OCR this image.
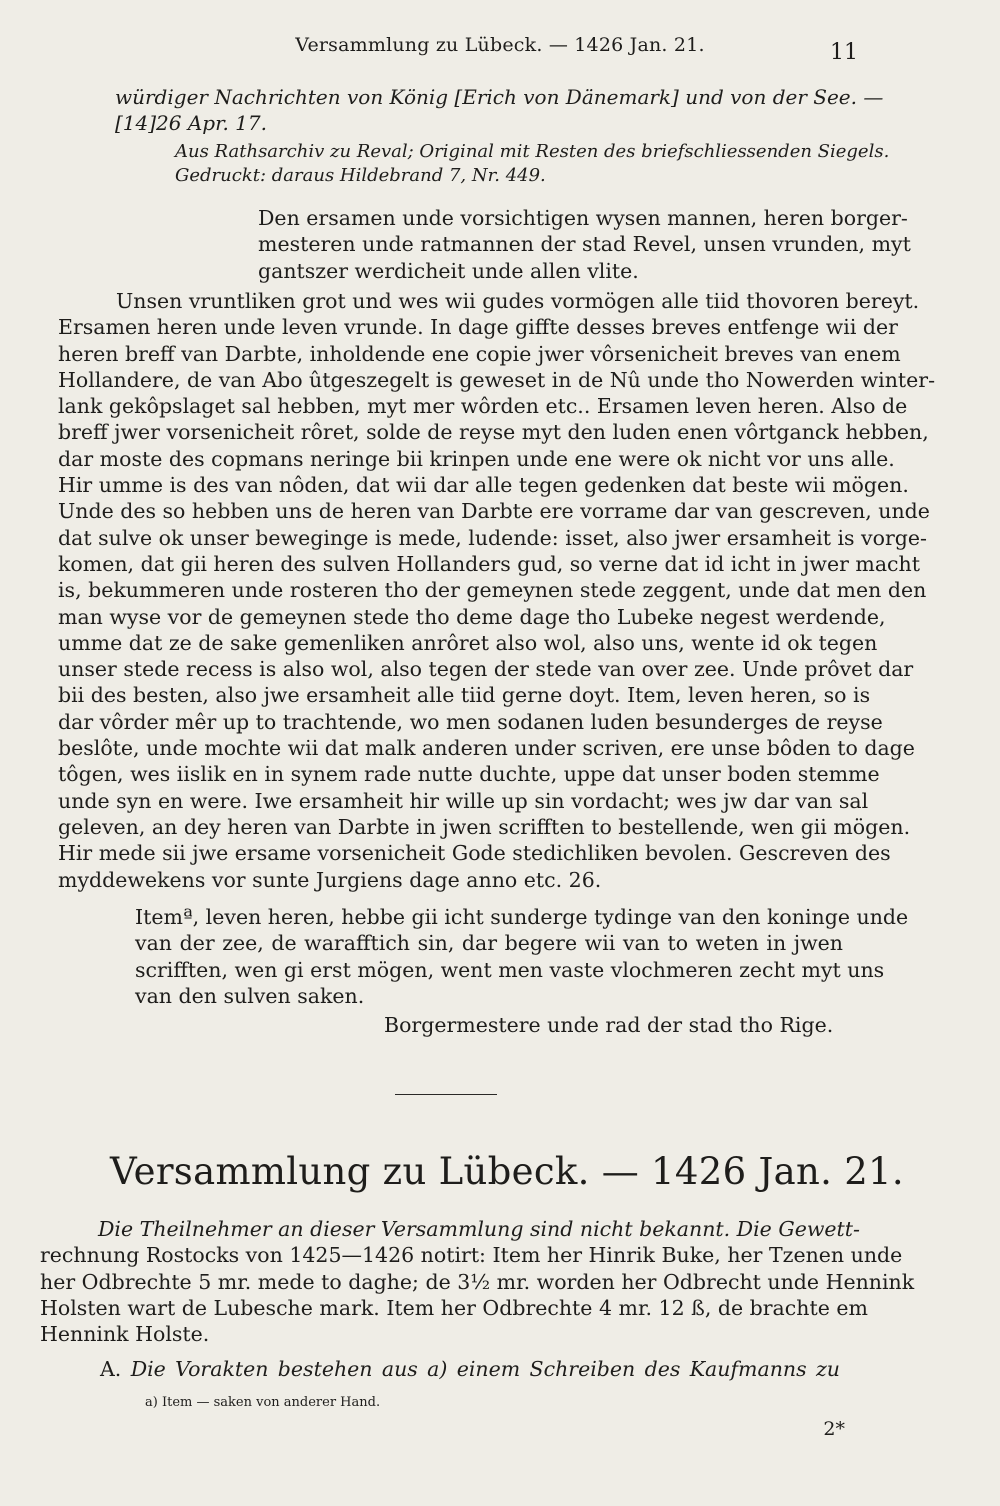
Versammlung zu Lübeck. — 1426 Jan. 21.	11
würdiger Nachrichten von König [Erich von Dänemark] und von der See. —
[14]26 Apr. 17.
Aus Rathsarchiv zu Reval; Original mit Resten des briefschliessenden Siegels.
Gedruckt: daraus Hildebrand 7, Nr. 449.
Den ersamen unde vorsichtigen wysen mannen, heren borger-
mesteren unde ratmannen der stad Revel, unsen vrunden, myt
gantszer werdicheit unde allen vlite.
Unsen vruntliken grot und wes wii gudes vormögen alle tiid thovoren bereyt.
Ersamen heren unde leven vrunde. In dage giffte desses breves entfenge wii der
heren breff van Darbte, inholdende ene copie jwer vôrsenicheit breves van enem
Hollandere, de van Abo ûtgeszegelt is geweset in de Nû unde tho Nowerden winter-
lank gekôpslaget sal hebben, myt mer wôrden etc.. Ersamen leven heren. Also de
breff jwer vorsenicheit rôret, solde de reyse myt den luden enen vôrtganck hebben,
dar moste des copmans neringe bii krinpen unde ene were ok nicht vor uns alle.
Hir umme is des van nôden, dat wii dar alle tegen gedenken dat beste wii mögen.
Unde des so hebben uns de heren van Darbte ere vorrame dar van gescreven, unde
dat sulve ok unser beweginge is mede, ludende: isset, also jwer ersamheit is vorge-
komen, dat gii heren des sulven Hollanders gud, so verne dat id icht in jwer macht
is, bekummeren unde rosteren tho der gemeynen stede zeggent, unde dat men den
man wyse vor de gemeynen stede tho deme dage tho Lubeke negest werdende,
umme dat ze de sake gemenliken anrôret also wol, also uns, wente id ok tegen
unser stede recess is also wol, also tegen der stede van over zee. Unde prôvet dar
bii des besten, also jwe ersamheit alle tiid gerne doyt. Item, leven heren, so is
dar vôrder mêr up to trachtende, wo men sodanen luden besunderges de reyse
beslôte, unde mochte wii dat malk anderen under scriven, ere unse bôden to dage
tôgen, wes iislik en in synem rade nutte duchte, uppe dat unser boden stemme
unde syn en were. Iwe ersamheit hir wille up sin vordacht; wes jw dar van sal
geleven, an dey heren van Darbte in jwen scrifften to bestellende, wen gii mögen.
Hir mede sii jwe ersame vorsenicheit Gode stedichliken bevolen. Gescreven des
myddewekens vor sunte Jurgiens dage anno etc. 26.
Itemª, leven heren, hebbe gii icht sunderge tydinge van den koninge unde
van der zee, de warafftich sin, dar begere wii van to weten in jwen
scrifften, wen gi erst mögen, went men vaste vlochmeren zecht myt uns
van den sulven saken.
Borgermestere unde rad der stad tho Rige.
Versammlung zu Lübeck. — 1426 Jan. 21.
Die Theilnehmer an dieser Versammlung sind nicht bekannt. Die Gewett-
rechnung Rostocks von 1425—1426 notirt: Item her Hinrik Buke, her Tzenen unde
her Odbrechte 5 mr. mede to daghe; de 3½ mr. worden her Odbrecht unde Hennink
Holsten wart de Lubesche mark. Item her Odbrechte 4 mr. 12 ß, de brachte em
Hennink Holste.
A. Die Vorakten bestehen aus a) einem Schreiben des Kaufmanns zu
a) Item — saken von anderer Hand.
2*
